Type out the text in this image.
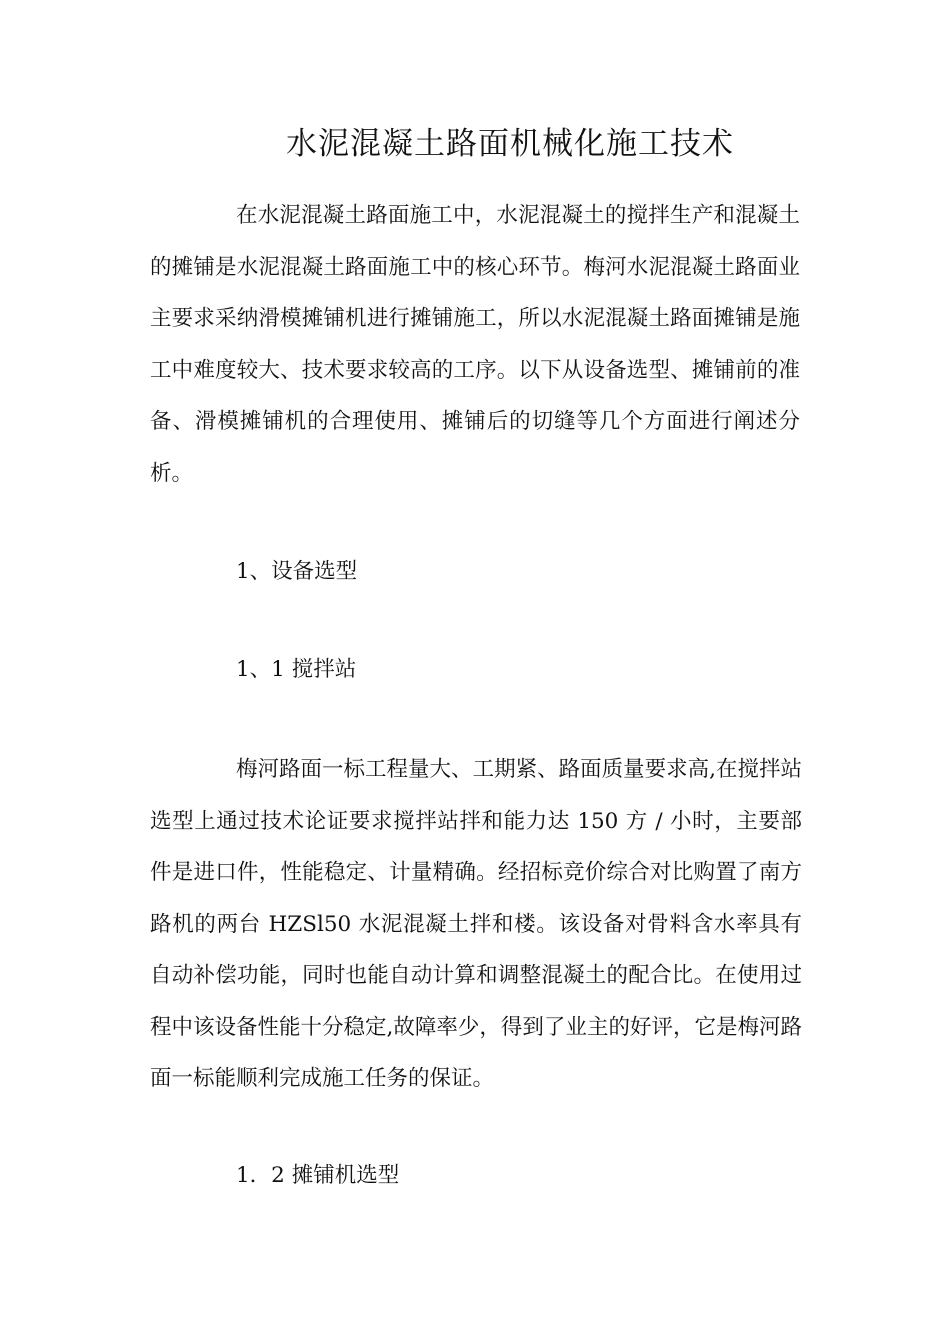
水泥混凝土路面机械化施工技术

在水泥混凝土路面施工中，水泥混凝土的搅拌生产和混凝土的摊铺是水泥混凝土路面施工中的核心环节。梅河水泥混凝土路面业主要求采纳滑模摊铺机进行摊铺施工，所以水泥混凝土路面摊铺是施工中难度较大、技术要求较高的工序。以下从设备选型、摊铺前的准备、滑模摊铺机的合理使用、摊铺后的切缝等几个方面进行阐述分析。

1、设备选型
1、1 搅拌站

梅河路面一标工程量大、工期紧、路面质量要求高,在搅拌站选型上通过技术论证要求搅拌站拌和能力达 150 方 / 小时，主要部件是进口件，性能稳定、计量精确。经招标竞价综合对比购置了南方路机的两台 HZSl50 水泥混凝土拌和楼。该设备对骨料含水率具有自动补偿功能，同时也能自动计算和调整混凝土的配合比。在使用过程中该设备性能十分稳定,故障率少，得到了业主的好评，它是梅河路面一标能顺利完成施工任务的保证。

1．2 摊铺机选型
